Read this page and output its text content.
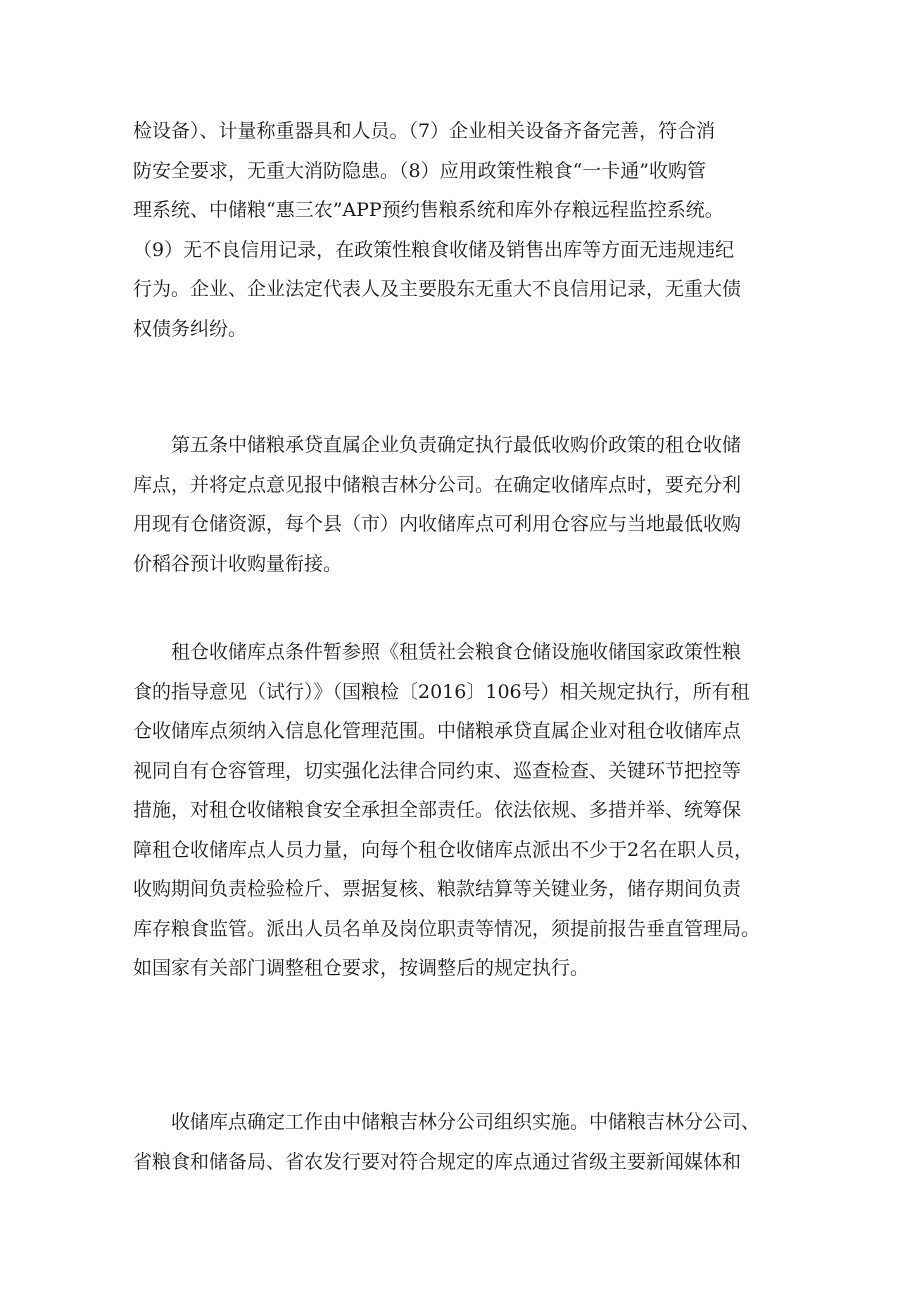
检设备）、计量称重器具和人员。（7）企业相关设备齐备完善，符合消
防安全要求，无重大消防隐患。（8）应用政策性粮食“一卡通”收购管
理系统、中储粮“惠三农”APP预约售粮系统和库外存粮远程监控系统。
（9）无不良信用记录，在政策性粮食收储及销售出库等方面无违规违纪
行为。企业、企业法定代表人及主要股东无重大不良信用记录，无重大债
权债务纠纷。
　　第五条中储粮承贷直属企业负责确定执行最低收购价政策的租仓收储
库点，并将定点意见报中储粮吉林分公司。在确定收储库点时，要充分利
用现有仓储资源，每个县（市）内收储库点可利用仓容应与当地最低收购
价稻谷预计收购量衔接。
　　租仓收储库点条件暂参照《租赁社会粮食仓储设施收储国家政策性粮
食的指导意见（试行）》（国粮检〔2016〕106号）相关规定执行，所有租
仓收储库点须纳入信息化管理范围。中储粮承贷直属企业对租仓收储库点
视同自有仓容管理，切实强化法律合同约束、巡查检查、关键环节把控等
措施，对租仓收储粮食安全承担全部责任。依法依规、多措并举、统筹保
障租仓收储库点人员力量，向每个租仓收储库点派出不少于2名在职人员，
收购期间负责检验检斤、票据复核、粮款结算等关键业务，储存期间负责
库存粮食监管。派出人员名单及岗位职责等情况，须提前报告垂直管理局。
如国家有关部门调整租仓要求，按调整后的规定执行。
　　收储库点确定工作由中储粮吉林分公司组织实施。中储粮吉林分公司、
省粮食和储备局、省农发行要对符合规定的库点通过省级主要新闻媒体和
